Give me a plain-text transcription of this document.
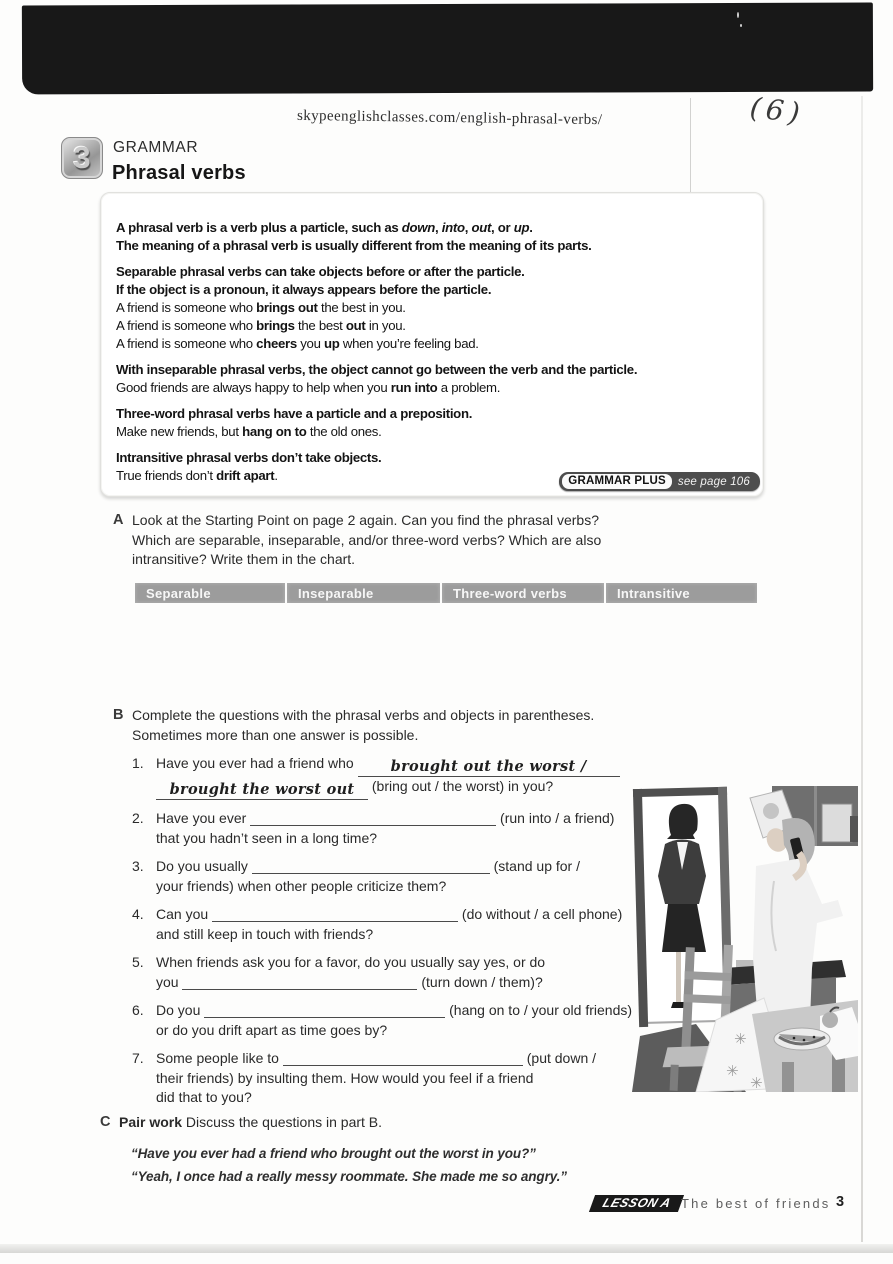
skypeenglishclasses.com/english-phrasal-verbs/	(6)
3 GRAMMAR
Phrasal verbs
A phrasal verb is a verb plus a particle, such as down, into, out, or up.
The meaning of a phrasal verb is usually different from the meaning of its parts.
Separable phrasal verbs can take objects before or after the particle.
If the object is a pronoun, it always appears before the particle.
A friend is someone who brings out the best in you.
A friend is someone who brings the best out in you.
A friend is someone who cheers you up when you’re feeling bad.
With inseparable phrasal verbs, the object cannot go between the verb and the particle.
Good friends are always happy to help when you run into a problem.
Three-word phrasal verbs have a particle and a preposition.
Make new friends, but hang on to the old ones.
Intransitive phrasal verbs don’t take objects.
True friends don’t drift apart.	GRAMMAR PLUS	see page 106
A Look at the Starting Point on page 2 again. Can you find the phrasal verbs?
Which are separable, inseparable, and/or three-word verbs? Which are also
intransitive? Write them in the chart.
Separable	Inseparable	Three-word verbs	Intransitive
✳
✳
✳
B Complete the questions with the phrasal verbs and objects in parentheses.
Sometimes more than one answer is possible.
1. Have you ever had a friend who brought out the worst /
brought the worst out (bring out / the worst) in you?
2. Have you ever	(run into / a friend)
that you hadn’t seen in a long time?
3. Do you usually	(stand up for /
your friends) when other people criticize them?
4. Can you	(do without / a cell phone)
and still keep in touch with friends?
5. When friends ask you for a favor, do you usually say yes, or do
you	(turn down / them)?
6. Do you	(hang on to / your old friends)
or do you drift apart as time goes by?
7. Some people like to	(put down /
their friends) by insulting them. How would you feel if a friend
did that to you?
C Pair work Discuss the questions in part B.
“Have you ever had a friend who brought out the worst in you?”
“Yeah, I once had a really messy roommate. She made me so angry.”
LESSON A The best of friends 3
